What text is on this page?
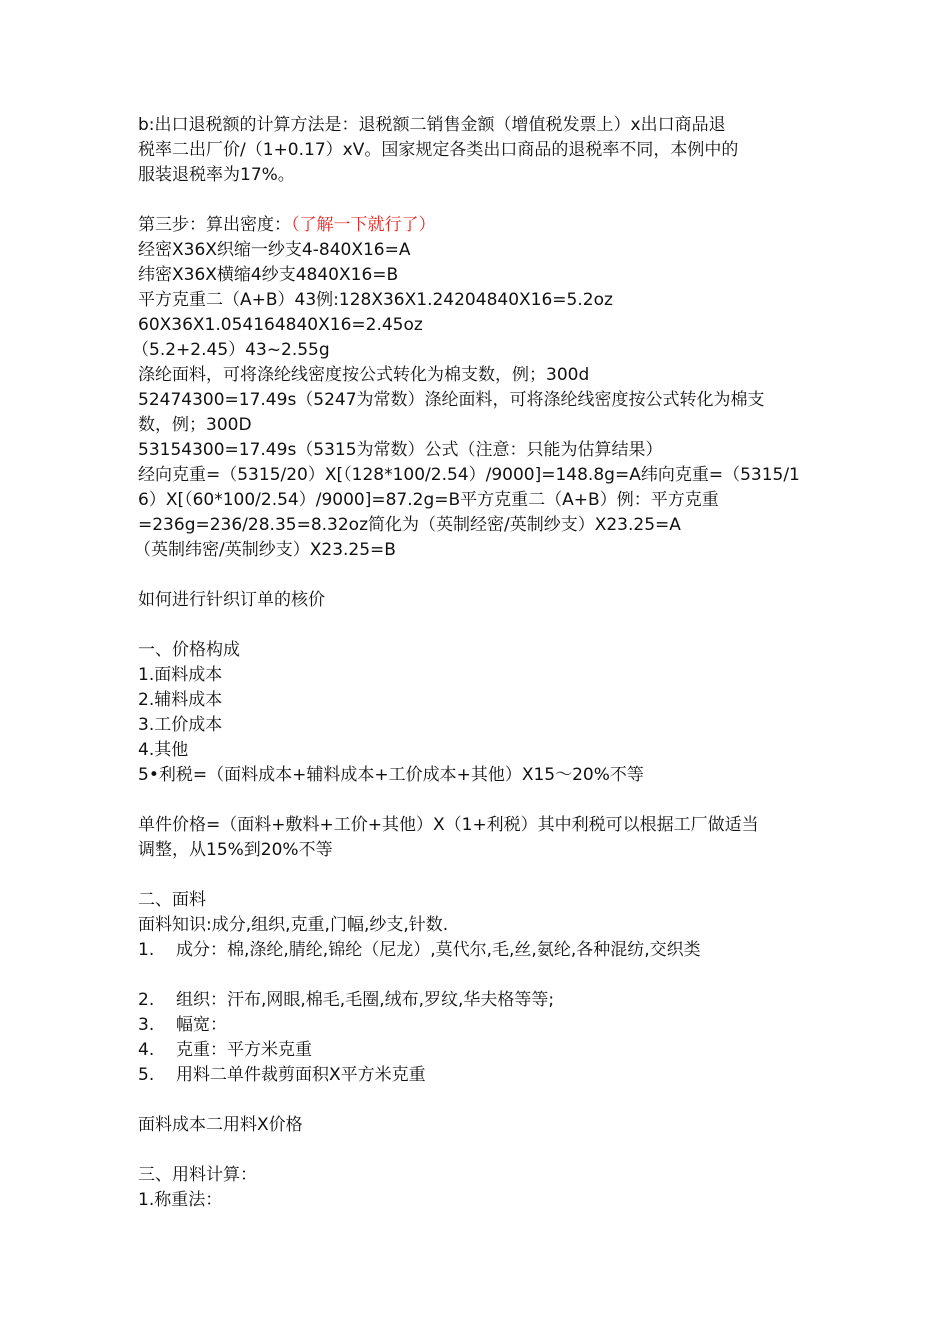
b:出口退税额的计算方法是：退税额二销售金额（增值税发票上）x出口商品退
税率二出厂价/（1+0.17）xV。国家规定各类出口商品的退税率不同，本例中的
服装退税率为17%。
第三步：算出密度：（了解一下就行了）
经密X36X织缩一纱支4-840X16=A
纬密X36X横缩4纱支4840X16=B
平方克重二（A+B）43例:128X36X1.24204840X16=5.2oz
60X36X1.054164840X16=2.45oz
（5.2+2.45）43~2.55g
涤纶面料，可将涤纶线密度按公式转化为棉支数，例；300d
52474300=17.49s（5247为常数）涤纶面料，可将涤纶线密度按公式转化为棉支
数，例；300D
53154300=17.49s（5315为常数）公式（注意：只能为估算结果）
经向克重=（5315/20）X[（128*100/2.54）/9000]=148.8g=A纬向克重=（5315/1
6）X[（60*100/2.54）/9000]=87.2g=B平方克重二（A+B）例：平方克重
=236g=236/28.35=8.32oz简化为（英制经密/英制纱支）X23.25=A
（英制纬密/英制纱支）X23.25=B
如何进行针织订单的核价
一、价格构成
1.面料成本
2.辅料成本
3.工价成本
4.其他
5•利税=（面料成本+辅料成本+工价成本+其他）X15〜20%不等
单件价格=（面料+敷料+工价+其他）X（1+利税）其中利税可以根据工厂做适当
调整，从15%到20%不等
二、面料
面料知识:成分,组织,克重,门幅,纱支,针数.
1. 成分：棉,涤纶,腈纶,锦纶（尼龙）,莫代尔,毛,丝,氨纶,各种混纺,交织类
2. 组织：汗布,网眼,棉毛,毛圈,绒布,罗纹,华夫格等等;
3. 幅宽：
4. 克重：平方米克重
5. 用料二单件裁剪面积X平方米克重
面料成本二用料X价格
三、用料计算：
1.称重法：
